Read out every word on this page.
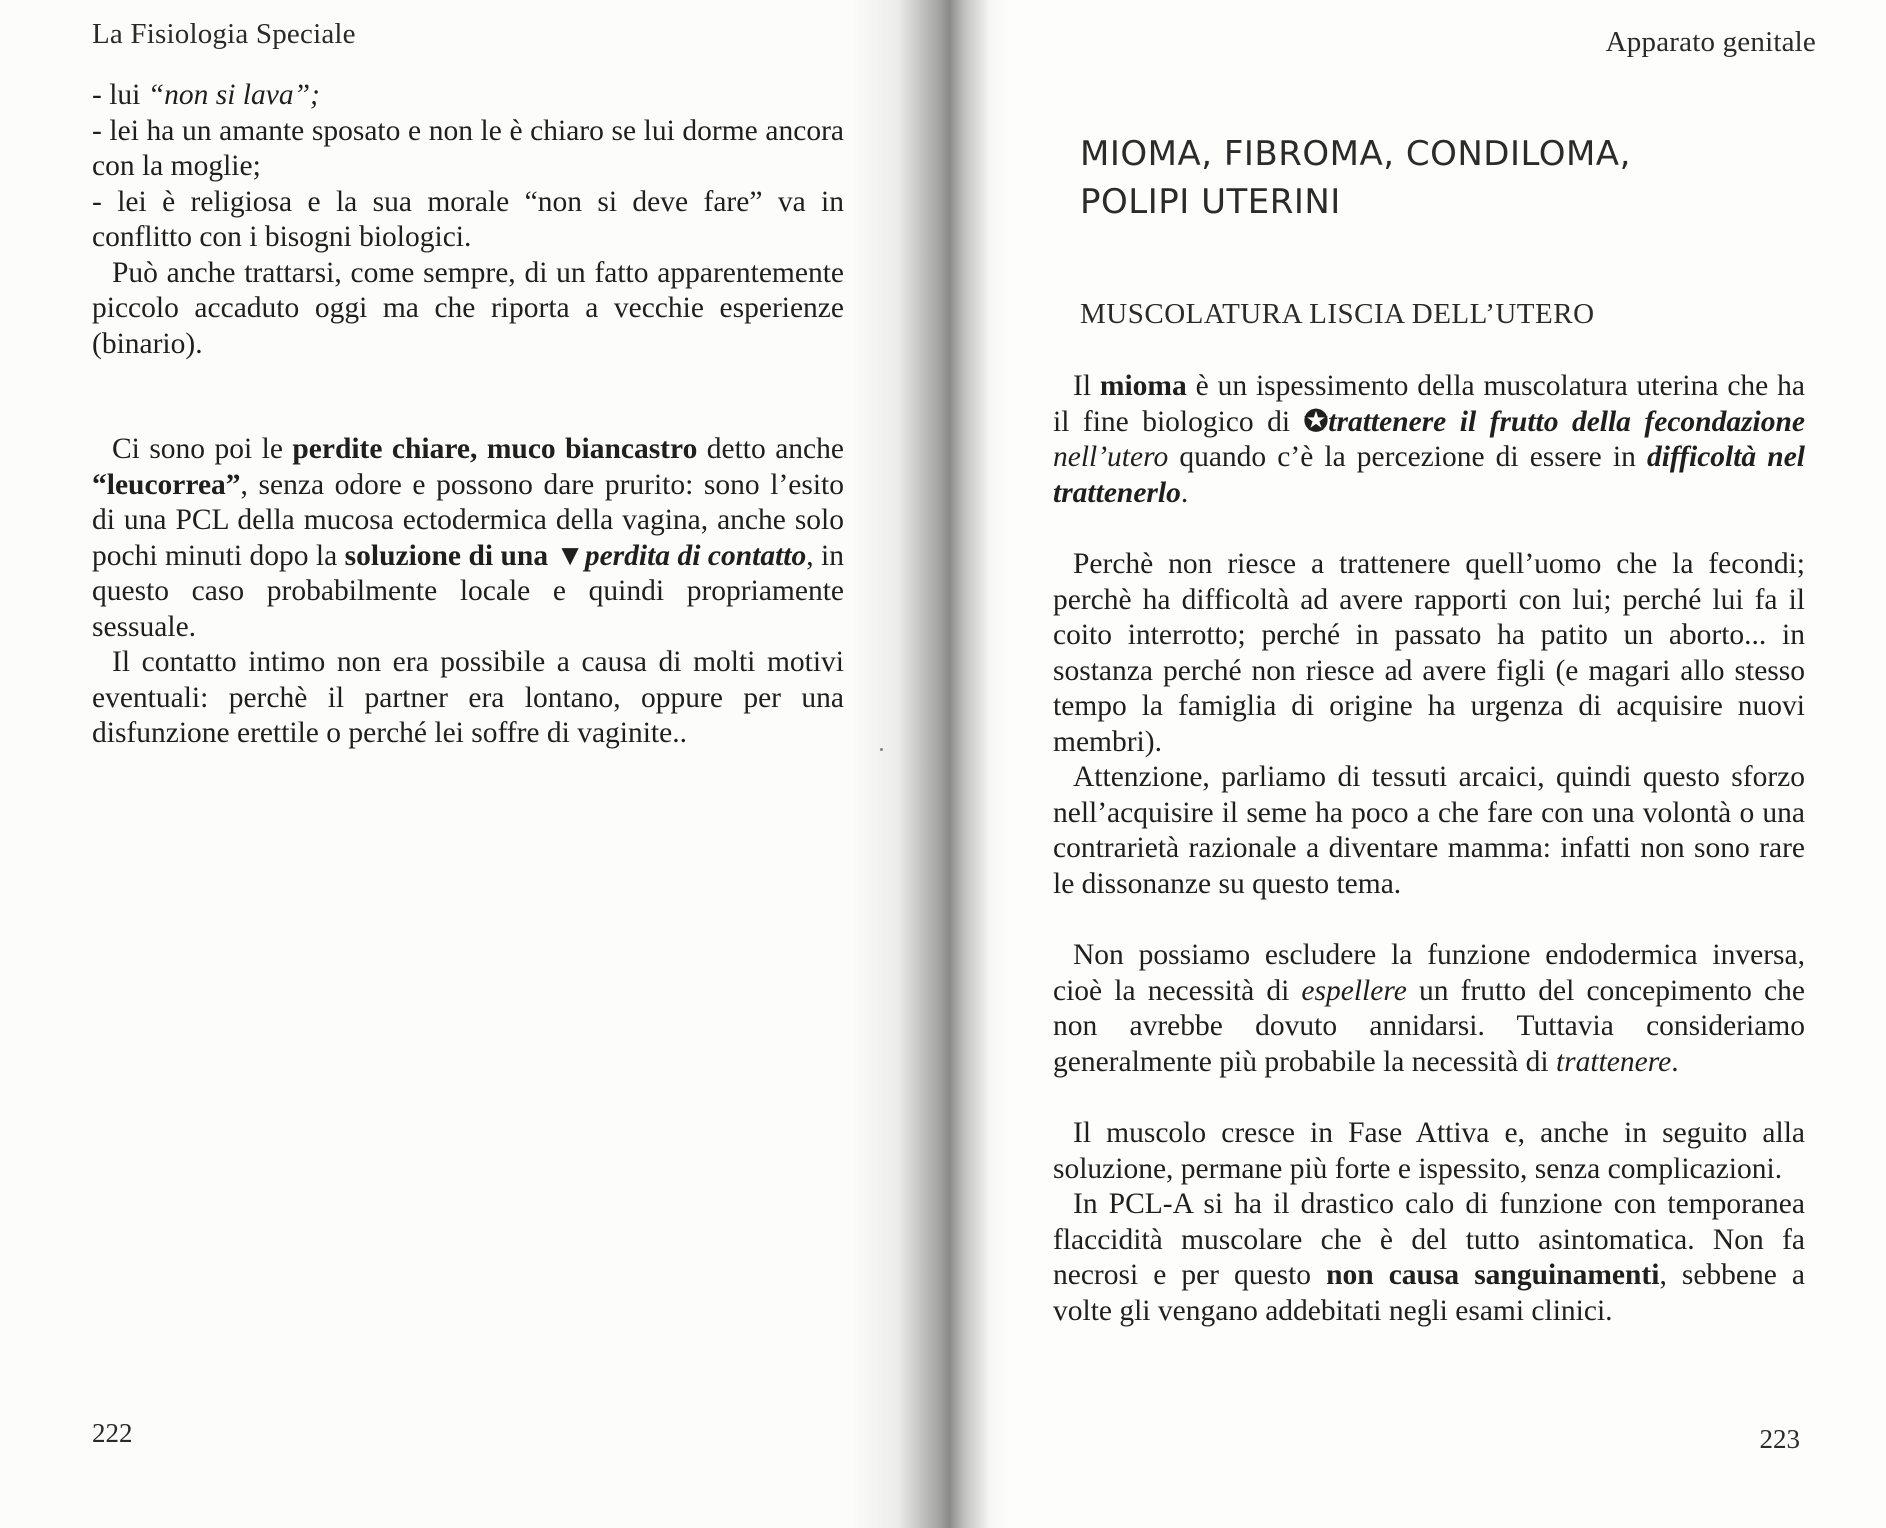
La Fisiologia Speciale

- lui “non si lava”;

- lei ha un amante sposato e non le è chiaro se lui dorme ancora con la moglie;

- lei è religiosa e la sua morale “non si deve fare” va in conflitto con i bisogni biologici.

Può anche trattarsi, come sempre, di un fatto apparentemente piccolo accaduto oggi ma che riporta a vecchie esperienze (binario).

Ci sono poi le perdite chiare, muco biancastro detto anche “leucorrea”, senza odore e possono dare prurito: sono l’esito di una PCL della mucosa ectodermica della vagina, anche solo pochi minuti dopo la soluzione di una ▼perdita di contatto, in questo caso probabilmente locale e quindi propriamente sessuale.

Il contatto intimo non era possibile a causa di molti motivi eventuali: perchè il partner era lontano, oppure per una disfunzione erettile o perché lei soffre di vaginite..

222
Apparato genitale
MIOMA, FIBROMA, CONDILOMA,
POLIPI UTERINI
MUSCOLATURA LISCIA DELL’UTERO

Il mioma è un ispessimento della muscolatura uterina che ha il fine biologico di ✪trattenere il frutto della fecondazione nell’utero quando c’è la percezione di essere in difficoltà nel trattenerlo.

Perchè non riesce a trattenere quell’uomo che la fecondi; perchè ha difficoltà ad avere rapporti con lui; perché lui fa il coito interrotto; perché in passato ha patito un aborto... in sostanza perché non riesce ad avere figli (e magari allo stesso tempo la famiglia di origine ha urgenza di acquisire nuovi membri).

Attenzione, parliamo di tessuti arcaici, quindi questo sforzo nell’acquisire il seme ha poco a che fare con una volontà o una contrarietà razionale a diventare mamma: infatti non sono rare le dissonanze su questo tema.

Non possiamo escludere la funzione endodermica inversa, cioè la necessità di espellere un frutto del concepimento che non avrebbe dovuto annidarsi. Tuttavia consideriamo generalmente più probabile la necessità di trattenere.

Il muscolo cresce in Fase Attiva e, anche in seguito alla soluzione, permane più forte e ispessito, senza complicazioni.

In PCL-A si ha il drastico calo di funzione con temporanea flaccidità muscolare che è del tutto asintomatica. Non fa necrosi e per questo non causa sanguinamenti, sebbene a volte gli vengano addebitati negli esami clinici.

223
